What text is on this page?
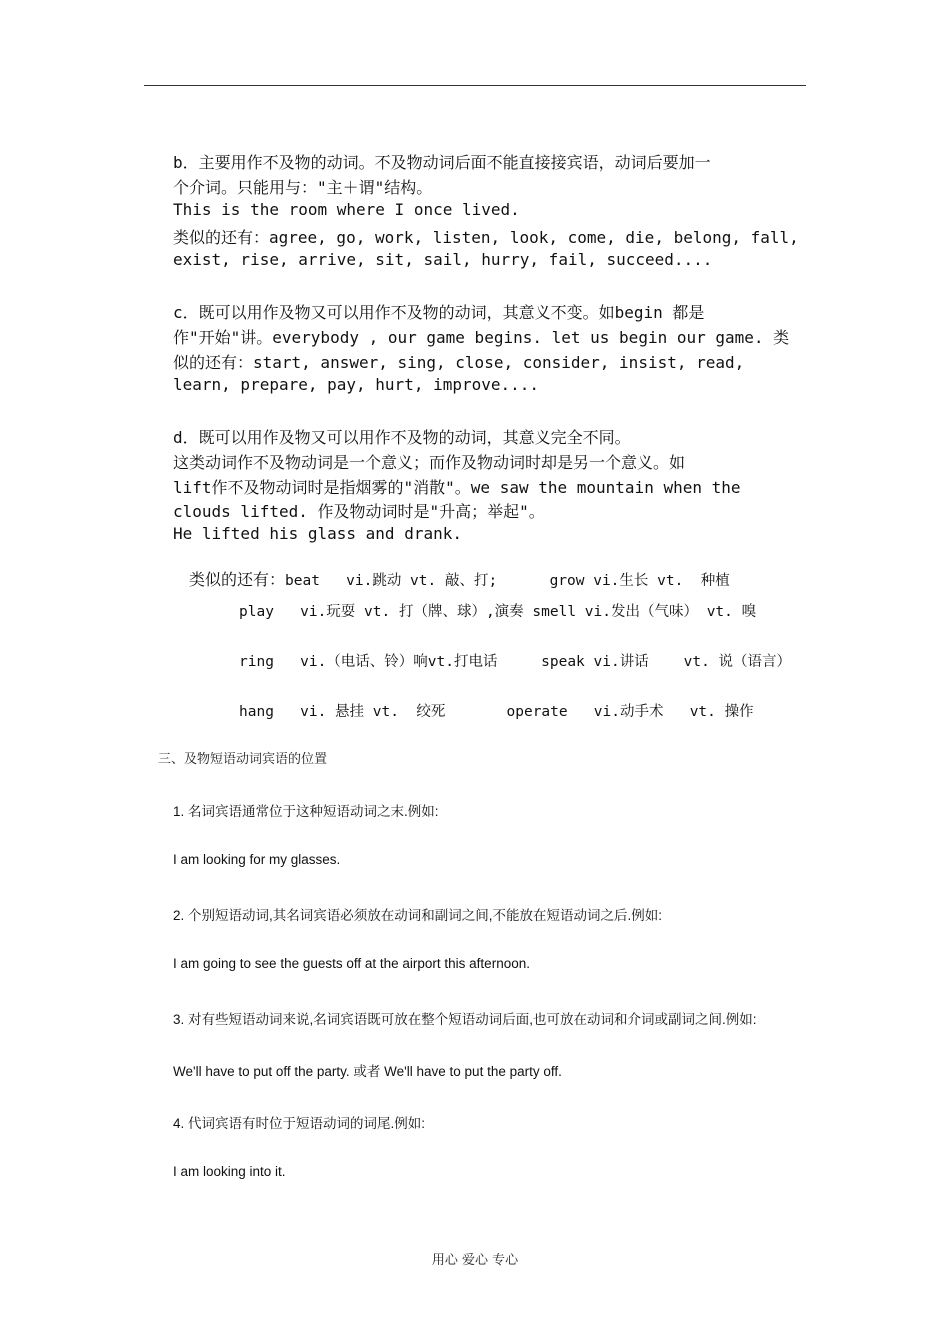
b．主要用作不及物的动词。不及物动词后面不能直接接宾语，动词后要加一
个介词。只能用与："主＋谓"结构。
This is the room where I once lived.
类似的还有：agree, go, work, listen, look, come, die, belong, fall,
exist, rise, arrive, sit, sail, hurry, fail, succeed....
c．既可以用作及物又可以用作不及物的动词，其意义不变。如begin 都是
作"开始"讲。everybody , our game begins. let us begin our game. 类
似的还有：start, answer, sing, close, consider, insist, read,
learn, prepare, pay, hurt, improve....
d．既可以用作及物又可以用作不及物的动词，其意义完全不同。
这类动词作不及物动词是一个意义；而作及物动词时却是另一个意义。如
lift作不及物动词时是指烟雾的"消散"。we saw the mountain when the
clouds lifted. 作及物动词时是"升高；举起"。
He lifted his glass and drank.

类似的还有：beat   vi.跳动 vt. 敲、打;      grow vi.生长 vt.  种植

play   vi.玩耍 vt. 打（牌、球）,演奏 smell vi.发出（气味） vt. 嗅
ring   vi.（电话、铃）响vt.打电话     speak vi.讲话    vt. 说（语言）
hang   vi. 悬挂 vt.  绞死       operate   vi.动手术   vt. 操作
三、及物短语动词宾语的位置
1. 名词宾语通常位于这种短语动词之末.例如:
I am looking for my glasses.
2. 个别短语动词,其名词宾语必须放在动词和副词之间,不能放在短语动词之后.例如:
I am going to see the guests off at the airport this afternoon.
3. 对有些短语动词来说,名词宾语既可放在整个短语动词后面,也可放在动词和介词或副词之间.例如:
We'll have to put off the party. 或者 We'll have to put the party off.
4. 代词宾语有时位于短语动词的词尾.例如:
I am looking into it.
用心 爱心 专心
